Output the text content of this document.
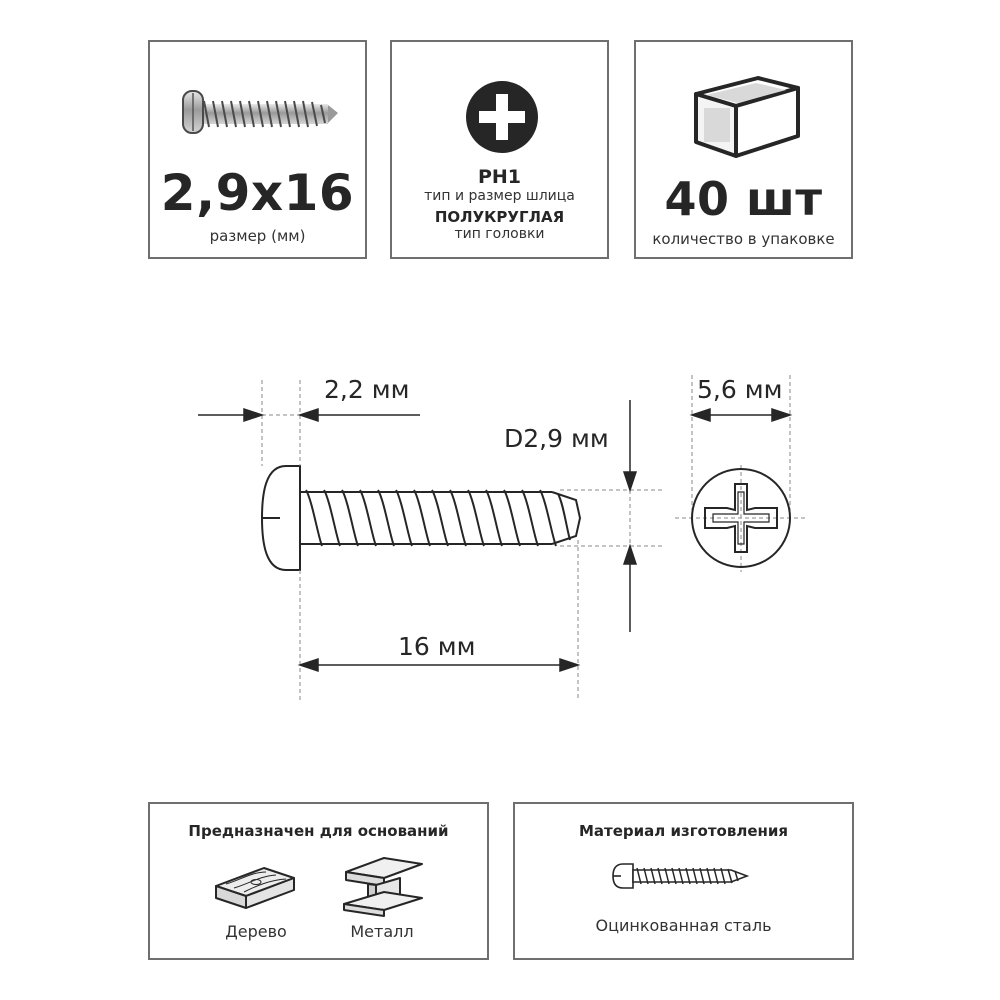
2,9x16
размер (мм)
PH1
тип и размер шлица
ПОЛУКРУГЛАЯ
тип головки
40 шт
количество в упаковке
2,2 мм
D2,9 мм
5,6 мм
16 мм
Предназначен для оснований
Дерево	Металл
Материал изготовления
Оцинкованная сталь
